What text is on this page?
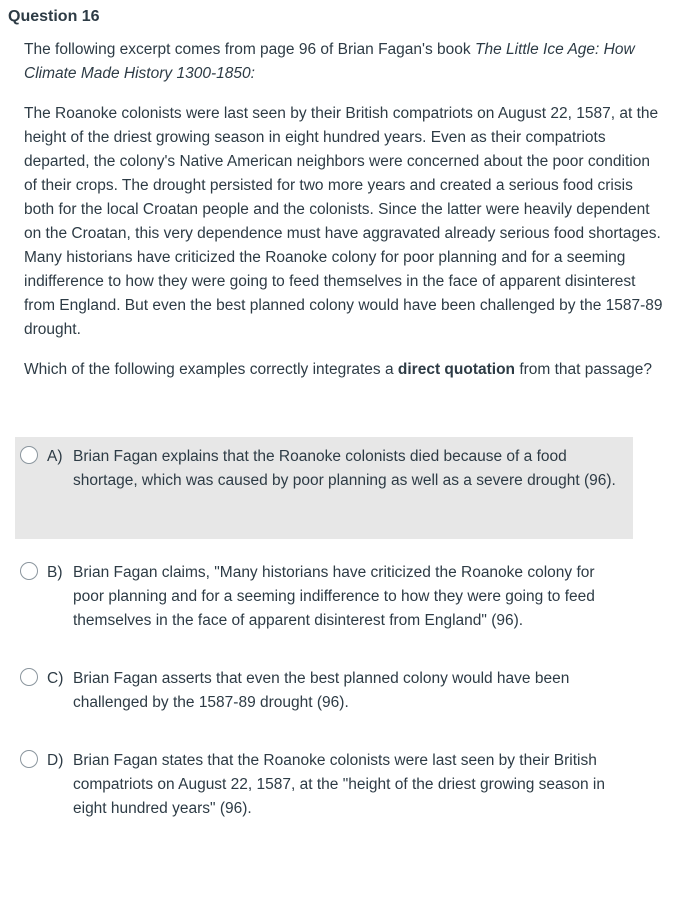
Question 16

The following excerpt comes from page 96 of Brian Fagan's book The Little Ice Age: How Climate Made History 1300-1850:

The Roanoke colonists were last seen by their British compatriots on August 22, 1587, at the height of the driest growing season in eight hundred years. Even as their compatriots departed, the colony's Native American neighbors were concerned about the poor condition of their crops. The drought persisted for two more years and created a serious food crisis both for the local Croatan people and the colonists. Since the latter were heavily dependent on the Croatan, this very dependence must have aggravated already serious food shortages. Many historians have criticized the Roanoke colony for poor planning and for a seeming indifference to how they were going to feed themselves in the face of apparent disinterest from England. But even the best planned colony would have been challenged by the 1587-89 drought.

Which of the following examples correctly integrates a direct quotation from that passage?

A) Brian Fagan explains that the Roanoke colonists died because of a food shortage, which was caused by poor planning as well as a severe drought (96).
B) Brian Fagan claims, "Many historians have criticized the Roanoke colony for poor planning and for a seeming indifference to how they were going to feed themselves in the face of apparent disinterest from England" (96).
C) Brian Fagan asserts that even the best planned colony would have been challenged by the 1587-89 drought (96).
D) Brian Fagan states that the Roanoke colonists were last seen by their British compatriots on August 22, 1587, at the "height of the driest growing season in eight hundred years" (96).
